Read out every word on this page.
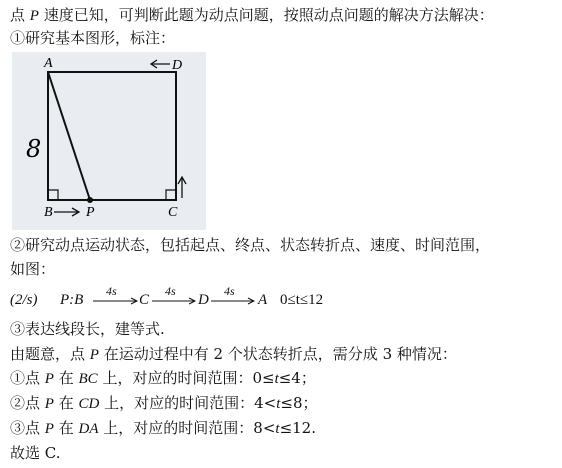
点 P 速度已知，可判断此题为动点问题，按照动点问题的解决方法解决：
①研究基本图形，标注：
A	D
B P	C
8
②研究动点运动状态，包括起点、终点、状态转折点、速度、时间范围，
如图：
(2/s) P:B
4s
C
4s
D
4s
A 0≤t≤12
③表达线段长，建等式.
由题意，点 P 在运动过程中有 2 个状态转折点，需分成 3 种情况：
①点 P 在 BC 上，对应的时间范围：0≤t≤4；
②点 P 在 CD 上，对应的时间范围：4<t≤8；
③点 P 在 DA 上，对应的时间范围：8<t≤12.
故选 C.
